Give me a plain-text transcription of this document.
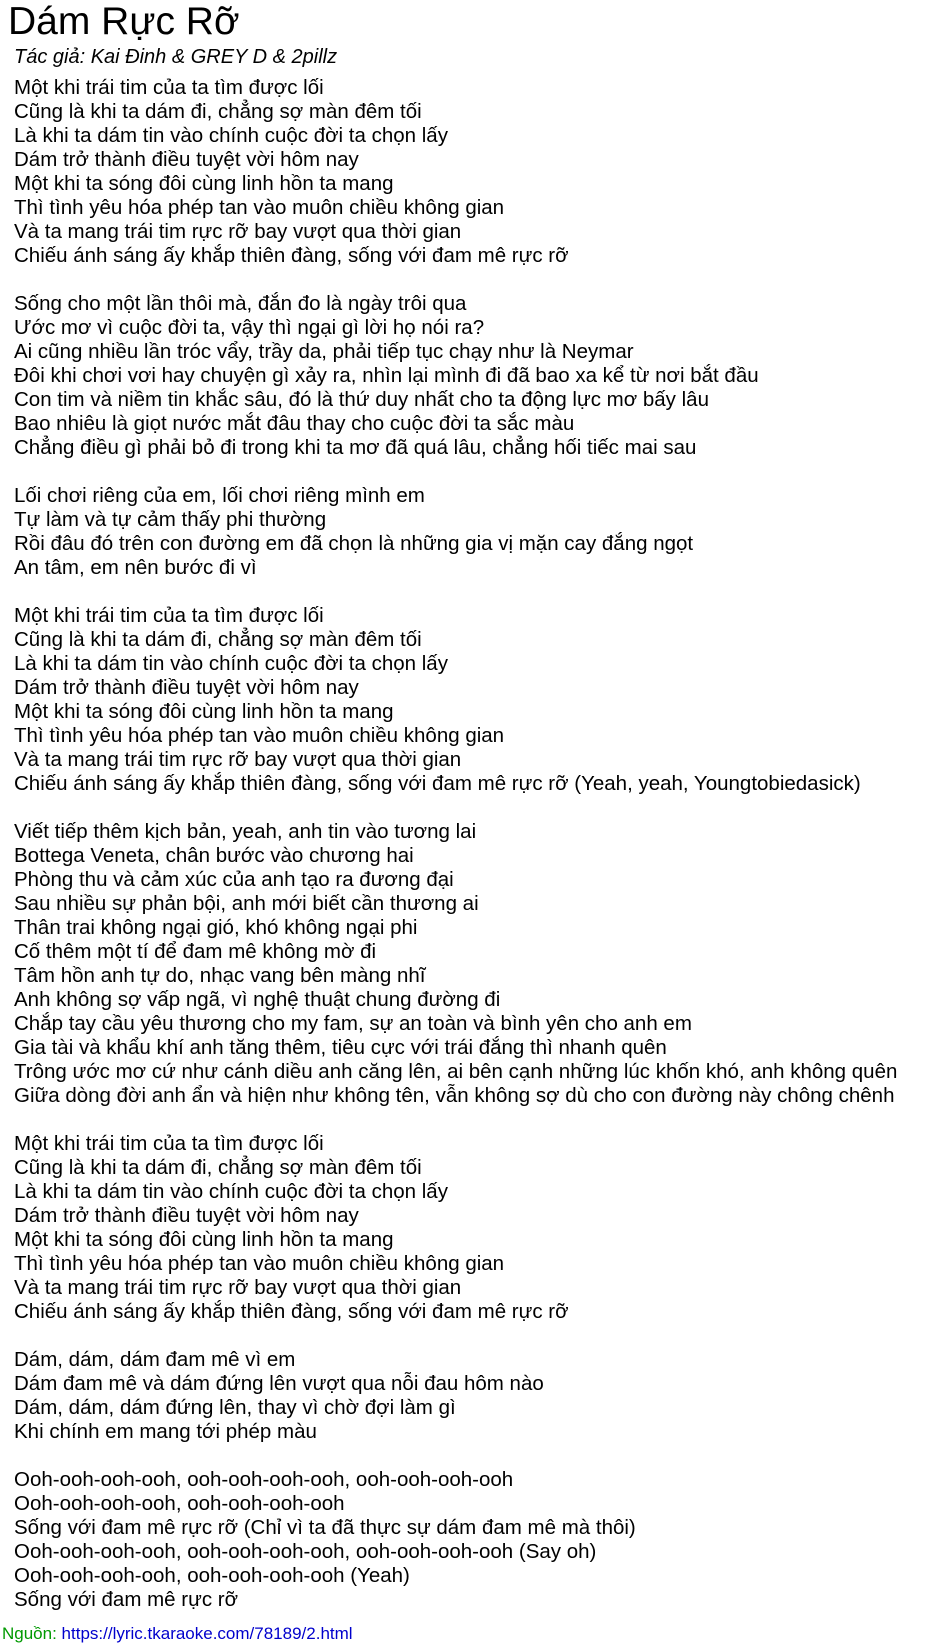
Dám Rực Rỡ
Tác giả: Kai Đinh & GREY D & 2pillz
Một khi trái tim của ta tìm được lối
Cũng là khi ta dám đi, chẳng sợ màn đêm tối
Là khi ta dám tin vào chính cuộc đời ta chọn lấy
Dám trở thành điều tuyệt vời hôm nay
Một khi ta sóng đôi cùng linh hồn ta mang
Thì tình yêu hóa phép tan vào muôn chiều không gian
Và ta mang trái tim rực rỡ bay vượt qua thời gian
Chiếu ánh sáng ấy khắp thiên đàng, sống với đam mê rực rỡ
Sống cho một lần thôi mà, đắn đo là ngày trôi qua
Ước mơ vì cuộc đời ta, vậy thì ngại gì lời họ nói ra?
Ai cũng nhiều lần tróc vẩy, trầy da, phải tiếp tục chạy như là Neymar
Đôi khi chơi vơi hay chuyện gì xảy ra, nhìn lại mình đi đã bao xa kể từ nơi bắt đầu
Con tim và niềm tin khắc sâu, đó là thứ duy nhất cho ta động lực mơ bấy lâu
Bao nhiêu là giọt nước mắt đâu thay cho cuộc đời ta sắc màu
Chẳng điều gì phải bỏ đi trong khi ta mơ đã quá lâu, chẳng hối tiếc mai sau
Lối chơi riêng của em, lối chơi riêng mình em
Tự làm và tự cảm thấy phi thường
Rồi đâu đó trên con đường em đã chọn là những gia vị mặn cay đắng ngọt
An tâm, em nên bước đi vì
Một khi trái tim của ta tìm được lối
Cũng là khi ta dám đi, chẳng sợ màn đêm tối
Là khi ta dám tin vào chính cuộc đời ta chọn lấy
Dám trở thành điều tuyệt vời hôm nay
Một khi ta sóng đôi cùng linh hồn ta mang
Thì tình yêu hóa phép tan vào muôn chiều không gian
Và ta mang trái tim rực rỡ bay vượt qua thời gian
Chiếu ánh sáng ấy khắp thiên đàng, sống với đam mê rực rỡ (Yeah, yeah, Youngtobiedasick)
Viết tiếp thêm kịch bản, yeah, anh tin vào tương lai
Bottega Veneta, chân bước vào chương hai
Phòng thu và cảm xúc của anh tạo ra đương đại
Sau nhiều sự phản bội, anh mới biết cần thương ai
Thân trai không ngại gió, khó không ngại phi
Cố thêm một tí để đam mê không mờ đi
Tâm hồn anh tự do, nhạc vang bên màng nhĩ
Anh không sợ vấp ngã, vì nghệ thuật chung đường đi
Chắp tay cầu yêu thương cho my fam, sự an toàn và bình yên cho anh em
Gia tài và khẩu khí anh tăng thêm, tiêu cực với trái đắng thì nhanh quên
Trông ước mơ cứ như cánh diều anh căng lên, ai bên cạnh những lúc khốn khó, anh không quên
Giữa dòng đời anh ẩn và hiện như không tên, vẫn không sợ dù cho con đường này chông chênh
Một khi trái tim của ta tìm được lối
Cũng là khi ta dám đi, chẳng sợ màn đêm tối
Là khi ta dám tin vào chính cuộc đời ta chọn lấy
Dám trở thành điều tuyệt vời hôm nay
Một khi ta sóng đôi cùng linh hồn ta mang
Thì tình yêu hóa phép tan vào muôn chiều không gian
Và ta mang trái tim rực rỡ bay vượt qua thời gian
Chiếu ánh sáng ấy khắp thiên đàng, sống với đam mê rực rỡ
Dám, dám, dám đam mê vì em
Dám đam mê và dám đứng lên vượt qua nỗi đau hôm nào
Dám, dám, dám đứng lên, thay vì chờ đợi làm gì
Khi chính em mang tới phép màu
Ooh-ooh-ooh-ooh, ooh-ooh-ooh-ooh, ooh-ooh-ooh-ooh
Ooh-ooh-ooh-ooh, ooh-ooh-ooh-ooh
Sống với đam mê rực rỡ (Chỉ vì ta đã thực sự dám đam mê mà thôi)
Ooh-ooh-ooh-ooh, ooh-ooh-ooh-ooh, ooh-ooh-ooh-ooh (Say oh)
Ooh-ooh-ooh-ooh, ooh-ooh-ooh-ooh (Yeah)
Sống với đam mê rực rỡ
Nguồn: https://lyric.tkaraoke.com/78189/2.html
